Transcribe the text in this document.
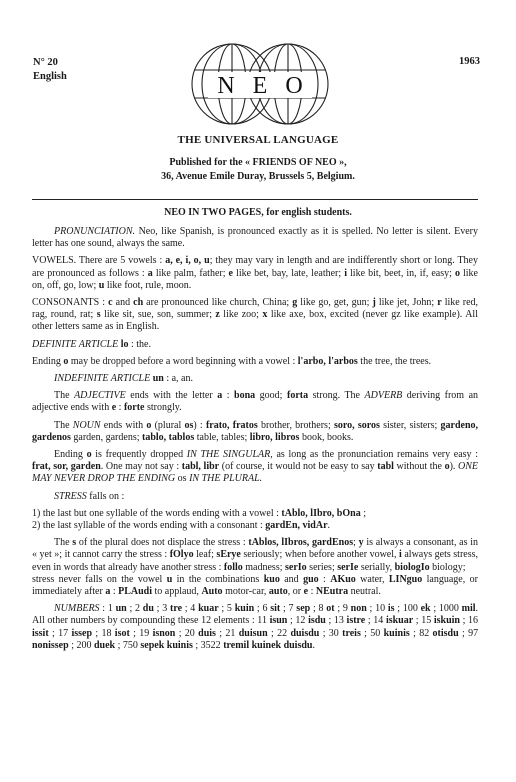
N° 20
English
1963
N E O
THE UNIVERSAL LANGUAGE
Published for the « FRIENDS OF NEO »,
36, Avenue Emile Duray, Brussels 5, Belgium.
NEO IN TWO PAGES, for english students.

PRONUNCIATION. Neo, like Spanish, is pronounced exactly as it is spelled. No letter is silent. Every letter has one sound, always the same.

VOWELS. There are 5 vowels : a, e, i, o, u; they may vary in length and are indifferently short or long. They are pronounced as follows : a like palm, father; e like bet, bay, late, leather; i like bit, beet, in, if, easy; o like on, off, go, low; u like foot, rule, moon.

CONSONANTS : c and ch are pronounced like church, China; g like go, get, gun; j like jet, John; r like red, rag, round, rat; s like sit, sue, son, summer; z like zoo; x like axe, box, excited (never gz like example). All other letters same as in English.

DEFINITE ARTICLE lo : the.

Ending o may be dropped before a word beginning with a vowel : l'arbo, l'arbos the tree, the trees.

INDEFINITE ARTICLE un : a, an.

The ADJECTIVE ends with the letter a : bona good; forta strong. The ADVERB deriving from an adjective ends with e : forte strongly.

The NOUN ends with o (plural os) : frato, fratos brother, brothers; soro, soros sister, sisters; gardeno, gardenos garden, gardens; tablo, tablos table, tables; libro, libros book, books.

Ending o is frequently dropped IN THE SINGULAR, as long as the pronunciation remains very easy : frat, sor, garden. One may not say : tabl, libr (of course, it would not be easy to say tabl without the o). ONE MAY NEVER DROP THE ENDING os IN THE PLURAL.

STRESS falls on :

1) the last but one syllable of the words ending with a vowel : tAblo, lIbro, bOna ;

2) the last syllable of the words ending with a consonant : gardEn, vidAr.

The s of the plural does not displace the stress : tAblos, lIbros, gardEnos; y is always a consonant, as in « yet »; it cannot carry the stress : fOlyo leaf; sErye seriously; when before another vowel, i always gets stress, even in words that already have another stress : follo madness; serIo series; serIe serially, biologIo biology;

stress never falls on the vowel u in the combinations kuo and guo : AKuo water, LINguo language, or immediately after a : PLAudi to applaud, Auto motor-car, auto, or e : NEutra neutral.

NUMBERS : 1 un ; 2 du ; 3 tre ; 4 kuar ; 5 kuin ; 6 sit ; 7 sep ; 8 ot ; 9 non ; 10 is ; 100 ek ; 1000 mil. All other numbers by compounding these 12 elements : 11 isun ; 12 isdu ; 13 istre ; 14 iskuar ; 15 iskuin ; 16 issit ; 17 issep ; 18 isot ; 19 isnon ; 20 duis ; 21 duisun ; 22 duisdu ; 30 treis ; 50 kuinis ; 82 otisdu ; 97 nonissep ; 200 duek ; 750 sepek kuinis ; 3522 tremil kuinek duisdu.
